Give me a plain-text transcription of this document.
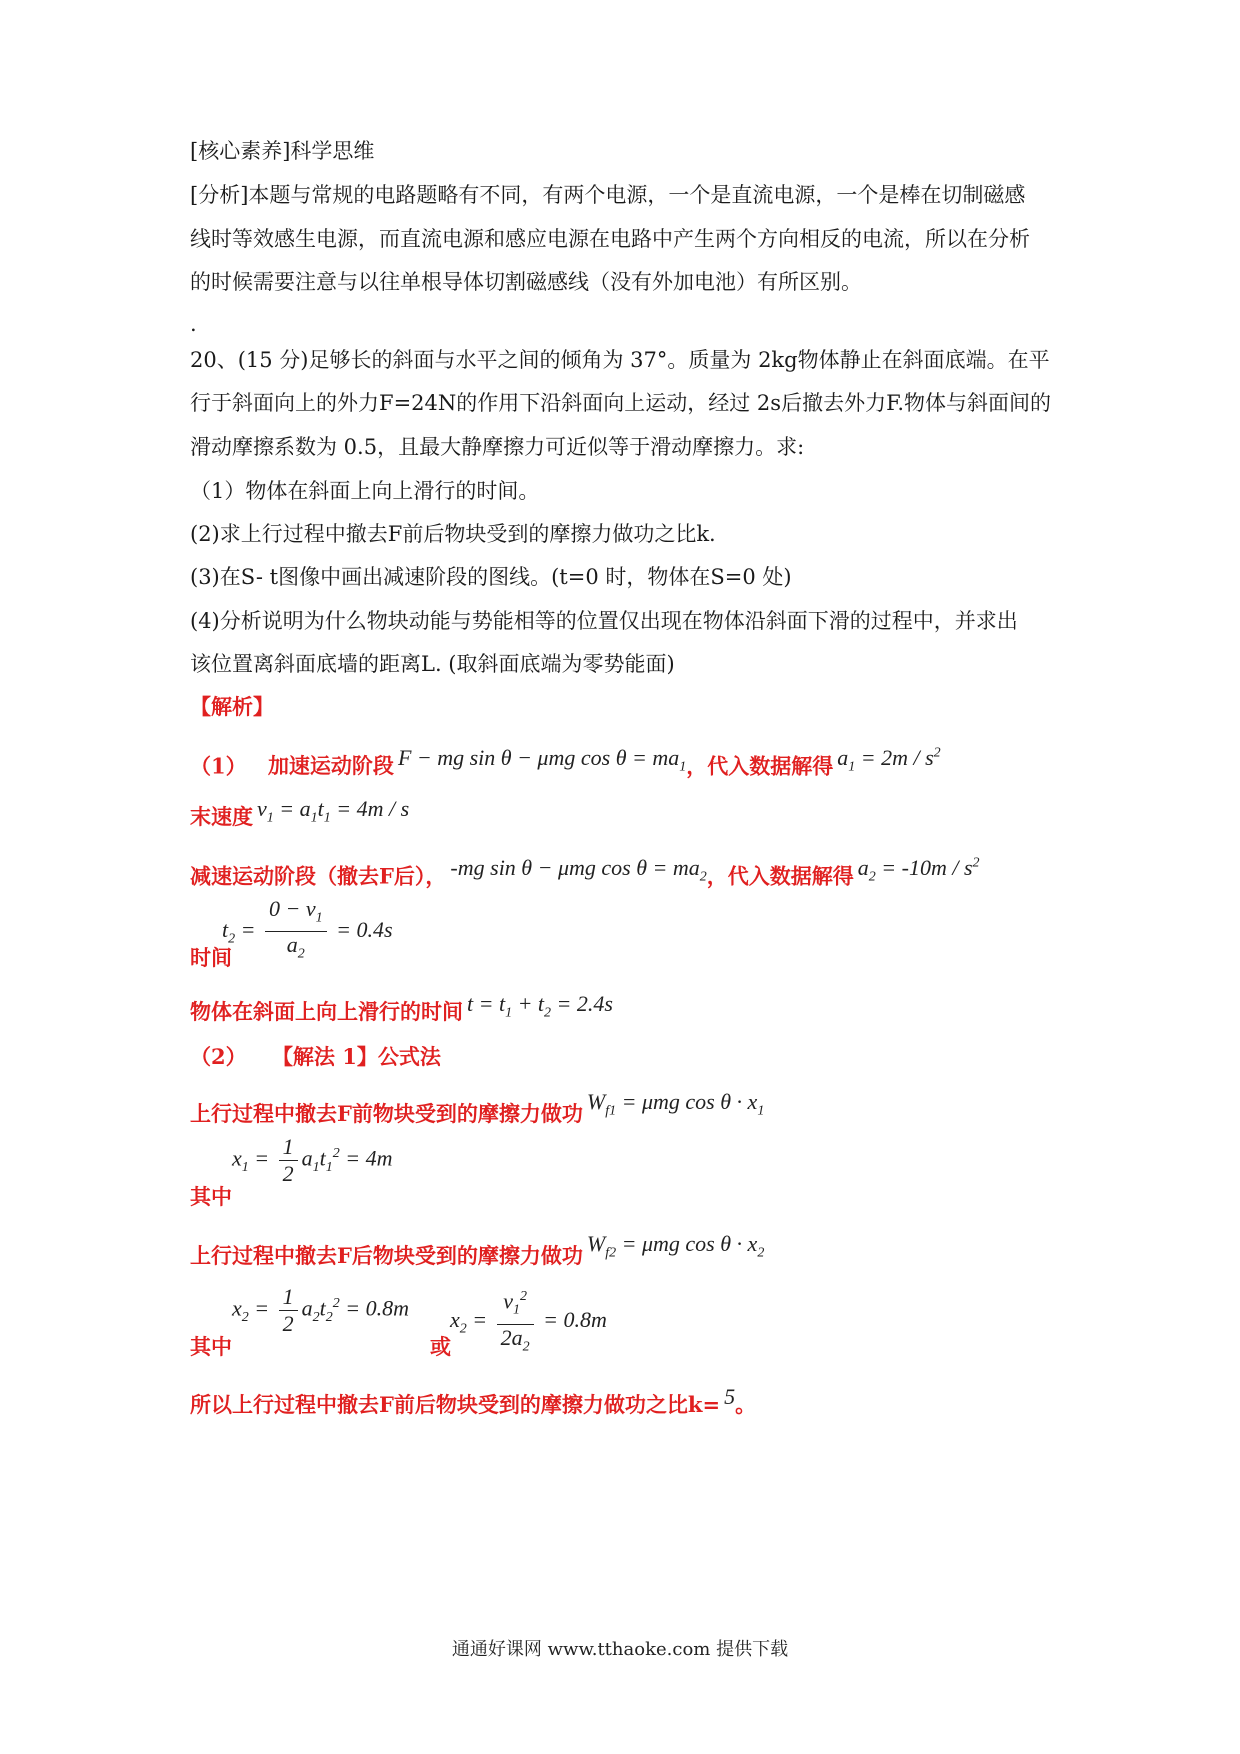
[核心素养]科学思维
[分析]本题与常规的电路题略有不同，有两个电源，一个是直流电源，一个是棒在切制磁感
线时等效感生电源，而直流电源和感应电源在电路中产生两个方向相反的电流，所以在分析
的时候需要注意与以往单根导体切割磁感线（没有外加电池）有所区别。
.
20、(15 分)足够长的斜面与水平之间的倾角为 37°。质量为 2kg物体静止在斜面底端。在平
行于斜面向上的外力F=24N的作用下沿斜面向上运动，经过 2s后撤去外力F.物体与斜面间的
滑动摩擦系数为 0.5，且最大静摩擦力可近似等于滑动摩擦力。求:
（1）物体在斜面上向上滑行的时间。
(2)求上行过程中撤去F前后物块受到的摩擦力做功之比k.
(3)在S- t图像中画出减速阶段的图线。(t=0 时，物体在S=0 处)
(4)分析说明为什么物块动能与势能相等的位置仅出现在物体沿斜面下滑的过程中，并求出
该位置离斜面底墙的距离L. (取斜面底端为零势能面)
【解析】
（1） 加速运动阶段 F − mg sin θ − μmg $\cos \theta = ma_1$，代入数据解得 $a_1 = 2m / s^2$
末速度 $v_1 = a_1t_1 = 4m / s$
减速运动阶段（撤去F后）， -mg sin θ − μmg $\cos \theta = ma_2$，代入数据解得 $a_2 = -10m / s^2$
$t_2 = \frac{0 - v_1}{a_2} = 0.4s$
时间
物体在斜面上向上滑行的时间 $t = t_1 + t_2 = 2.4s$
（2） 【解法 1】公式法
上行过程中撤去F前物块受到的摩擦力做功 $W_{f1} = \mu mg$ $\cos \theta \cdot x_1$
$x_1 = \frac{1}{2} a_1t_1^2 = 4m$
其中
上行过程中撤去F后物块受到的摩擦力做功 $W_{f2} = \mu mg$ $\cos \theta \cdot x_2$
$x_2 = \frac{1}{2} a_2t_2^2 = 0.8m$ $x_2 = \frac{v_1^2}{2a_2} = 0.8m$
其中	或
所以上行过程中撤去F前后物块受到的摩擦力做功之比k= 5。
通通好课网 www.tthaoke.com 提供下载
